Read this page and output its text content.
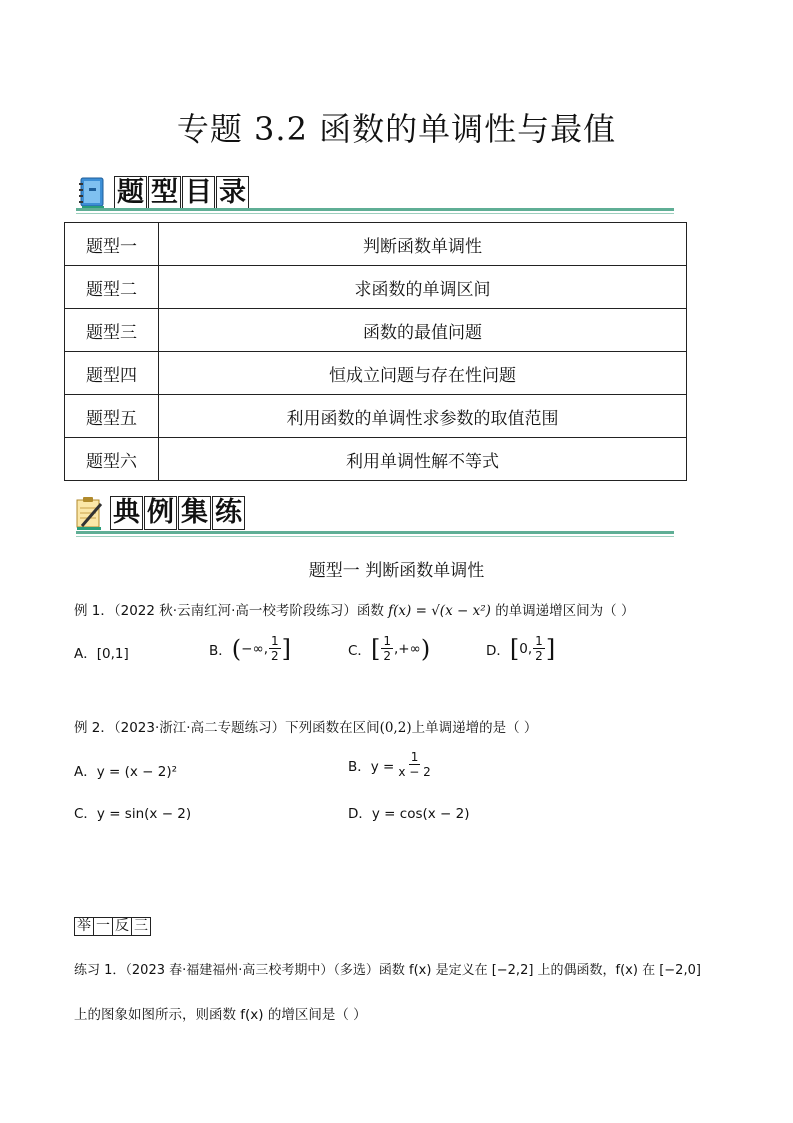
专题 3.2 函数的单调性与最值
题 型 目 录
题型一	判断函数单调性
题型二	求函数的单调区间
题型三	函数的最值问题
题型四	恒成立问题与存在性问题
题型五	利用函数的单调性求参数的取值范围
题型六	利用单调性解不等式
典 例 集 练
题型一 判断函数单调性
例 1．（2022 秋·云南红河·高一校考阶段练习）函数 f(x) = √(x − x²) 的单调递增区间为（ ）
A．[0,1]	B． ( −∞, $\frac{1}{2}$ ]	C． [ $\frac{1}{2}$ ,+∞ )	D． [ 0, $\frac{1}{2}$ ]
例 2．（2023·浙江·高二专题练习）下列函数在区间(0,2)上单调递增的是（ ）
A．y = (x − 2)²	B．$y = \frac{1}{x - 2}$
C．y = sin(x − 2)	D．y = cos(x − 2)
举 一 反 三
练习 1．（2023 春·福建福州·高三校考期中）（多选）函数 f(x) 是定义在 [−2,2] 上的偶函数，f(x) 在 [−2,0]
上的图象如图所示，则函数 f(x) 的增区间是（ ）
